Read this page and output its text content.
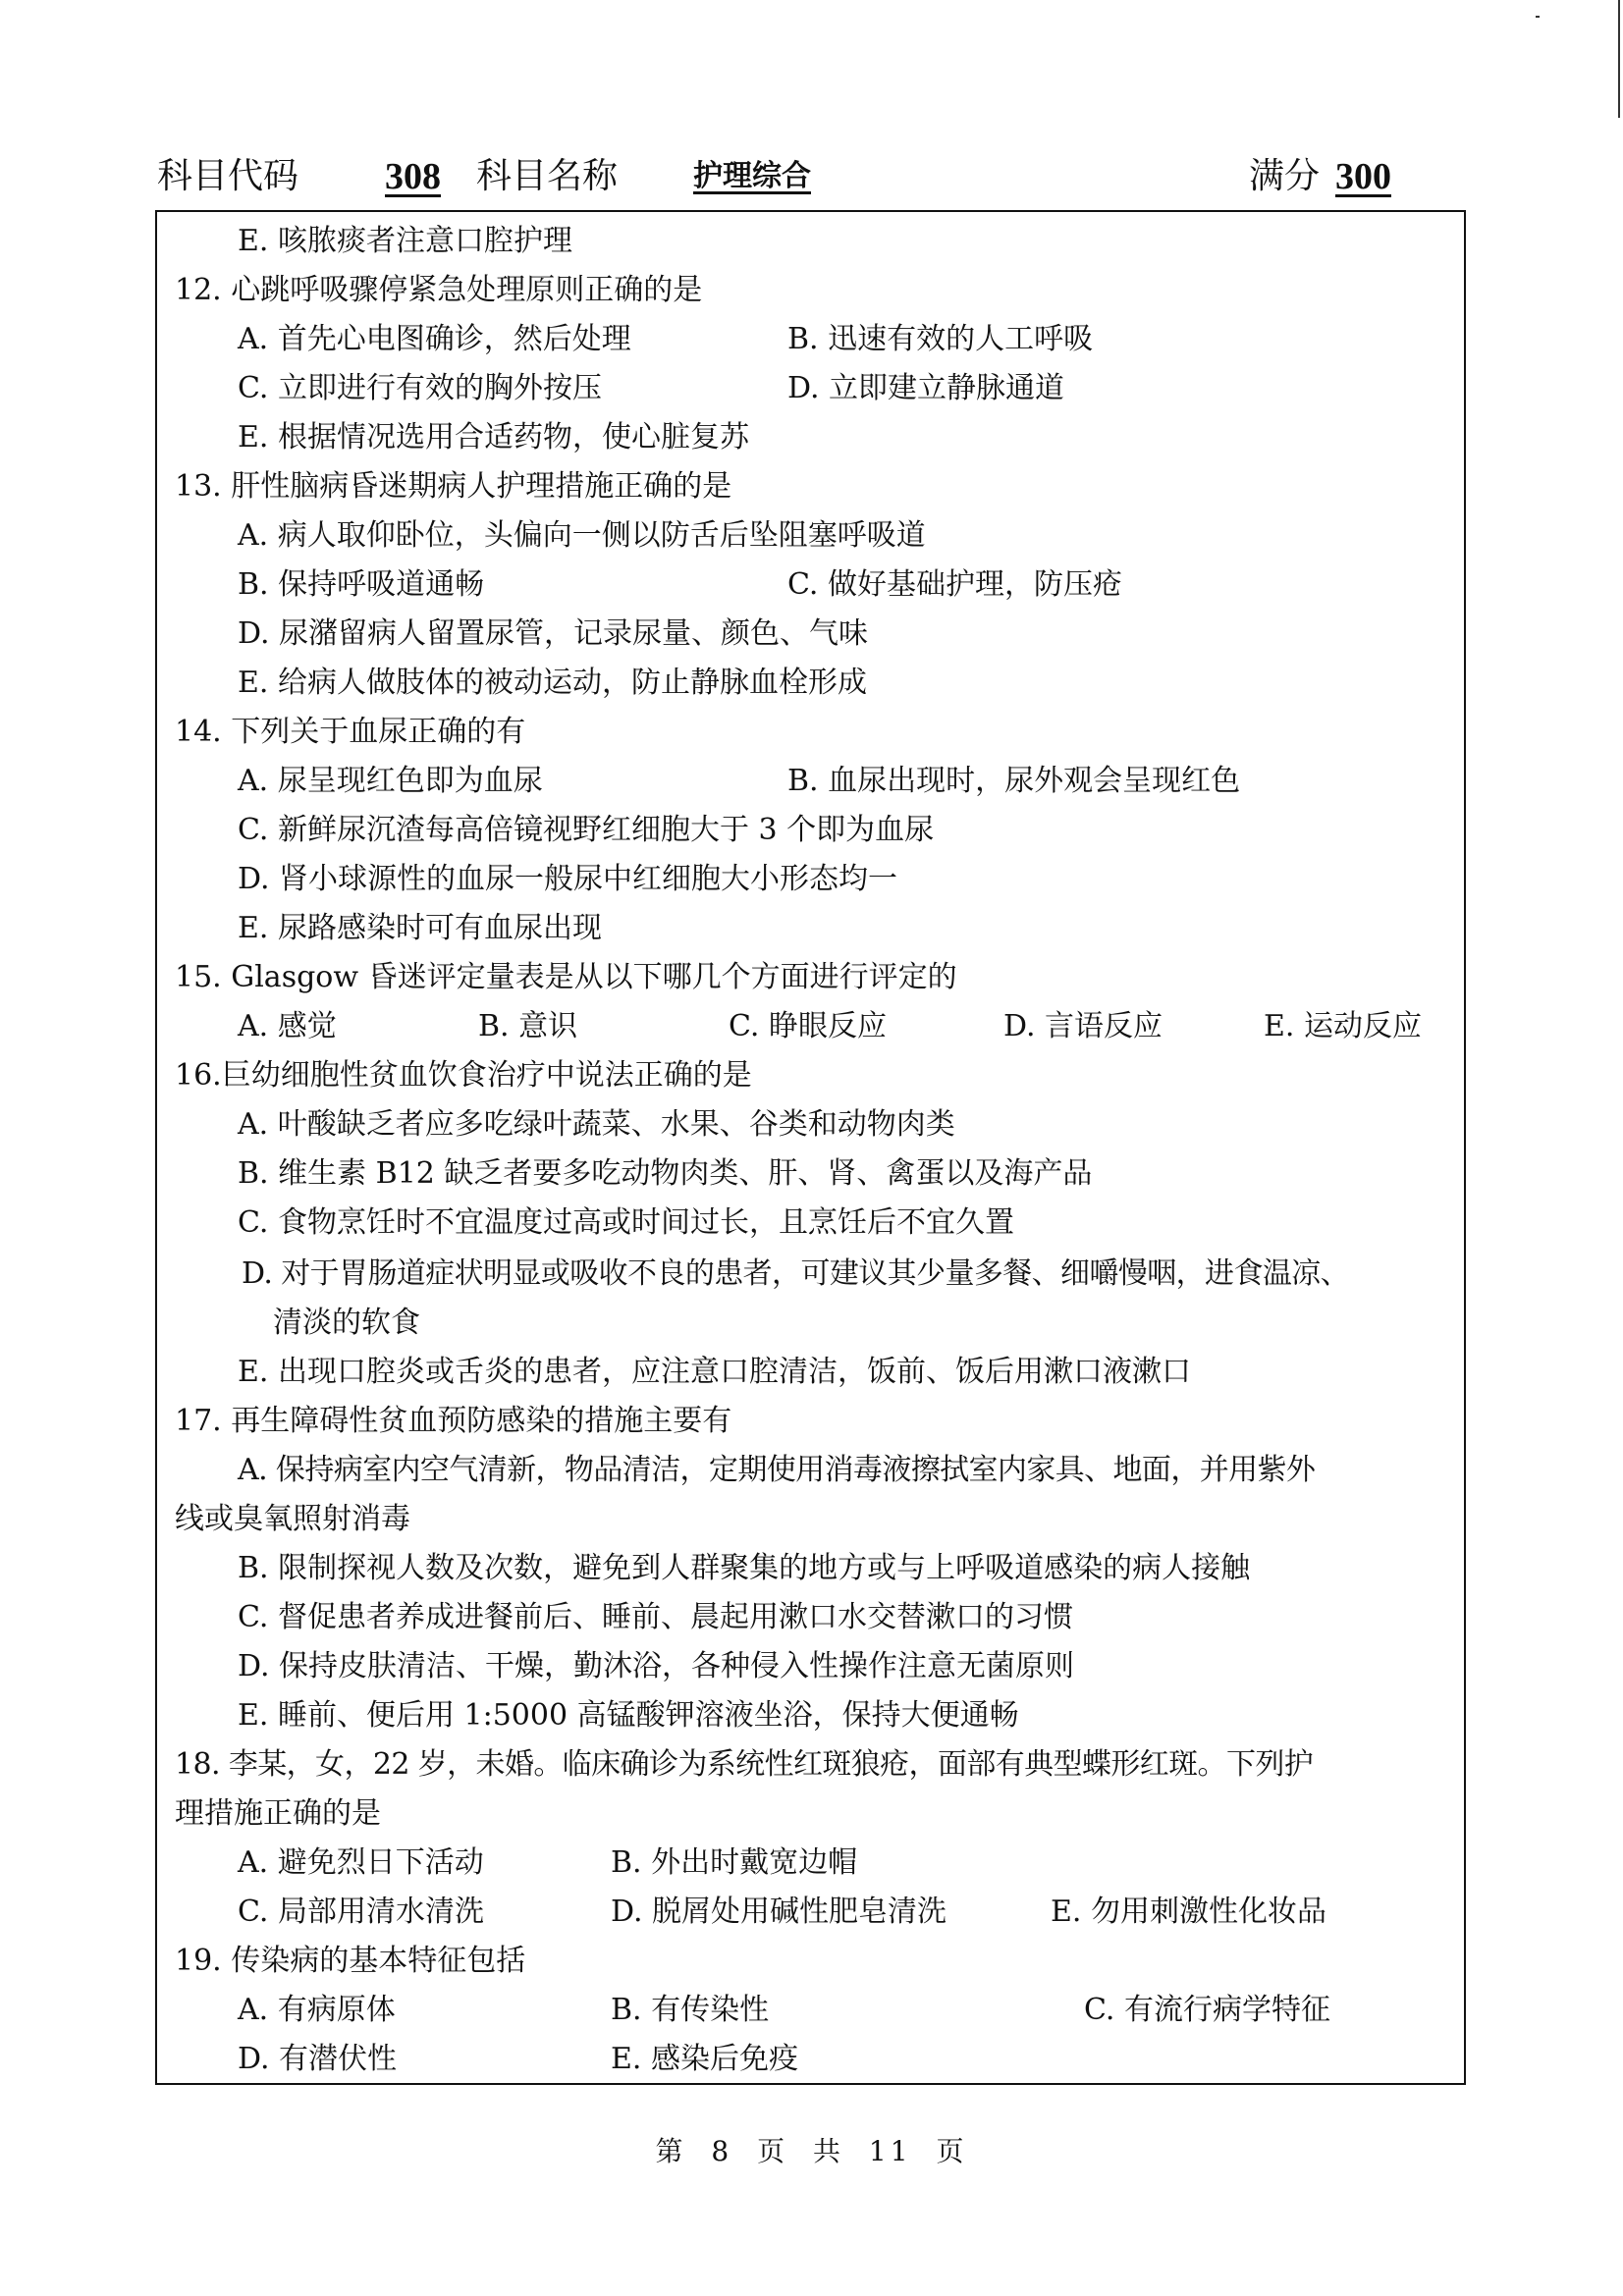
科目代码 308 科目名称	护理综合	满分 300
E. 咳脓痰者注意口腔护理
12. 心跳呼吸骤停紧急处理原则正确的是
A. 首先心电图确诊，然后处理	B. 迅速有效的人工呼吸
C. 立即进行有效的胸外按压	D. 立即建立静脉通道
E. 根据情况选用合适药物，使心脏复苏
13. 肝性脑病昏迷期病人护理措施正确的是
A. 病人取仰卧位，头偏向一侧以防舌后坠阻塞呼吸道
B. 保持呼吸道通畅	C. 做好基础护理，防压疮
D. 尿潴留病人留置尿管，记录尿量、颜色、气味
E. 给病人做肢体的被动运动，防止静脉血栓形成
14. 下列关于血尿正确的有
A. 尿呈现红色即为血尿	B. 血尿出现时，尿外观会呈现红色
C. 新鲜尿沉渣每高倍镜视野红细胞大于 3 个即为血尿
D. 肾小球源性的血尿一般尿中红细胞大小形态均一
E. 尿路感染时可有血尿出现
15. Glasgow 昏迷评定量表是从以下哪几个方面进行评定的
A. 感觉	B. 意识	C. 睁眼反应	D. 言语反应	E. 运动反应
16.巨幼细胞性贫血饮食治疗中说法正确的是
A. 叶酸缺乏者应多吃绿叶蔬菜、水果、谷类和动物肉类
B. 维生素 B12 缺乏者要多吃动物肉类、肝、肾、禽蛋以及海产品
C. 食物烹饪时不宜温度过高或时间过长，且烹饪后不宜久置
D. 对于胃肠道症状明显或吸收不良的患者，可建议其少量多餐、细嚼慢咽，进食温凉、
清淡的软食
E. 出现口腔炎或舌炎的患者，应注意口腔清洁，饭前、饭后用漱口液漱口
17. 再生障碍性贫血预防感染的措施主要有
A. 保持病室内空气清新，物品清洁，定期使用消毒液擦拭室内家具、地面，并用紫外
线或臭氧照射消毒
B. 限制探视人数及次数，避免到人群聚集的地方或与上呼吸道感染的病人接触
C. 督促患者养成进餐前后、睡前、晨起用漱口水交替漱口的习惯
D. 保持皮肤清洁、干燥，勤沐浴，各种侵入性操作注意无菌原则
E. 睡前、便后用 1:5000 高锰酸钾溶液坐浴，保持大便通畅
18. 李某，女，22 岁，未婚。临床确诊为系统性红斑狼疮，面部有典型蝶形红斑。下列护
理措施正确的是
A. 避免烈日下活动	B. 外出时戴宽边帽
C. 局部用清水清洗	D. 脱屑处用碱性肥皂清洗	E. 勿用刺激性化妆品
19. 传染病的基本特征包括
A. 有病原体	B. 有传染性	C. 有流行病学特征
D. 有潜伏性	E. 感染后免疫
第 8 页 共 11 页
